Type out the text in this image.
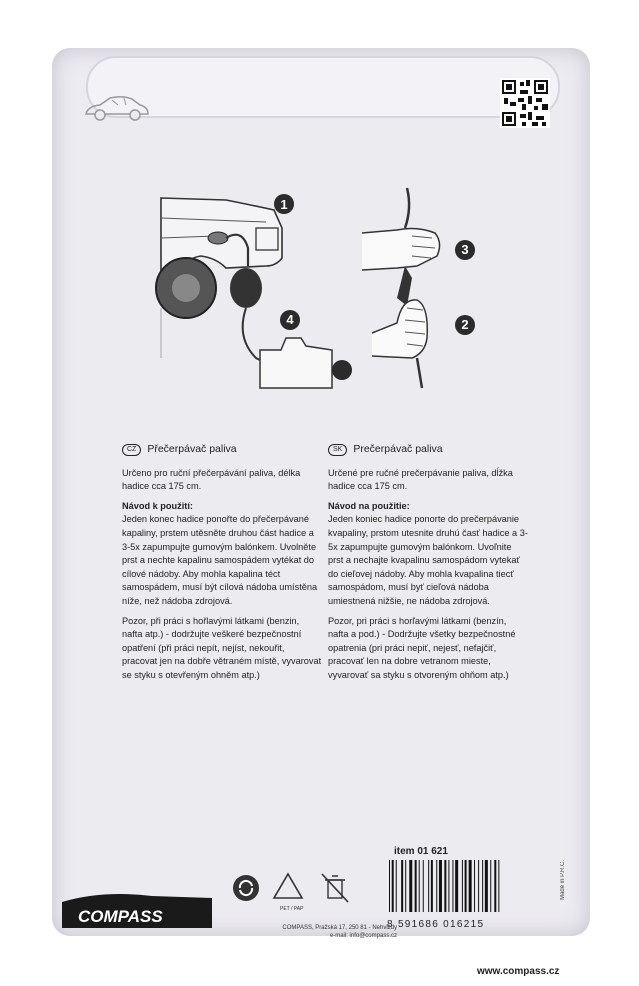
1
4
3
2
CZ	Přečerpávač paliva

Určeno pro ruční přečerpávání paliva, délka hadice cca 175 cm.

Návod k použití:

Jeden konec hadice ponořte do přečerpávané kapaliny, prstem utěsněte druhou část hadice a 3-5x zapumpujte gumovým balónkem. Uvolněte prst a nechte kapalinu samospádem vytékat do cílové nádoby. Aby mohla kapalina téct samospádem, musí být cílová nádoba umístěna níže, než nádoba zdrojová.

Pozor, při práci s hořlavými látkami (benzin, nafta atp.) - dodržujte veškeré bezpečnostní opatření (při práci nepít, nejíst, nekouřit, pracovat jen na dobře větraném místě, vyvarovat se styku s otevřeným ohněm atp.)

SK	Prečerpávač paliva

Určené pre ručné prečerpávanie paliva, dĺžka hadice cca 175 cm.

Návod na použitie:

Jeden koniec hadice ponorte do prečerpávanie kvapaliny, prstom utesnite druhú časť hadice a 3-5x zapumpujte gumovým balónkom. Uvoľnite prst a nechajte kvapalinu samospádom vytekať do cieľovej nádoby. Aby mohla kvapalina tiecť samospádom, musí byť cieľová nádoba umiestnená nižšie, ne nádoba zdrojová.

Pozor, pri práci s horľavými látkami (benzín, nafta a pod.) - Dodržujte všetky bezpečnostné opatrenia (pri práci nepiť, nejesť, nefajčiť, pracovať len na dobre vetranom mieste, vyvarovať sa styku s otvoreným ohňom atp.)

item 01 621
8 591686 016215
Made in P.R.C.
PET / PAP
COMPASS, Pražská 17, 250 81 - Nehvizdy
e-mail: info@compass.cz
COMPASS
www.compass.cz
